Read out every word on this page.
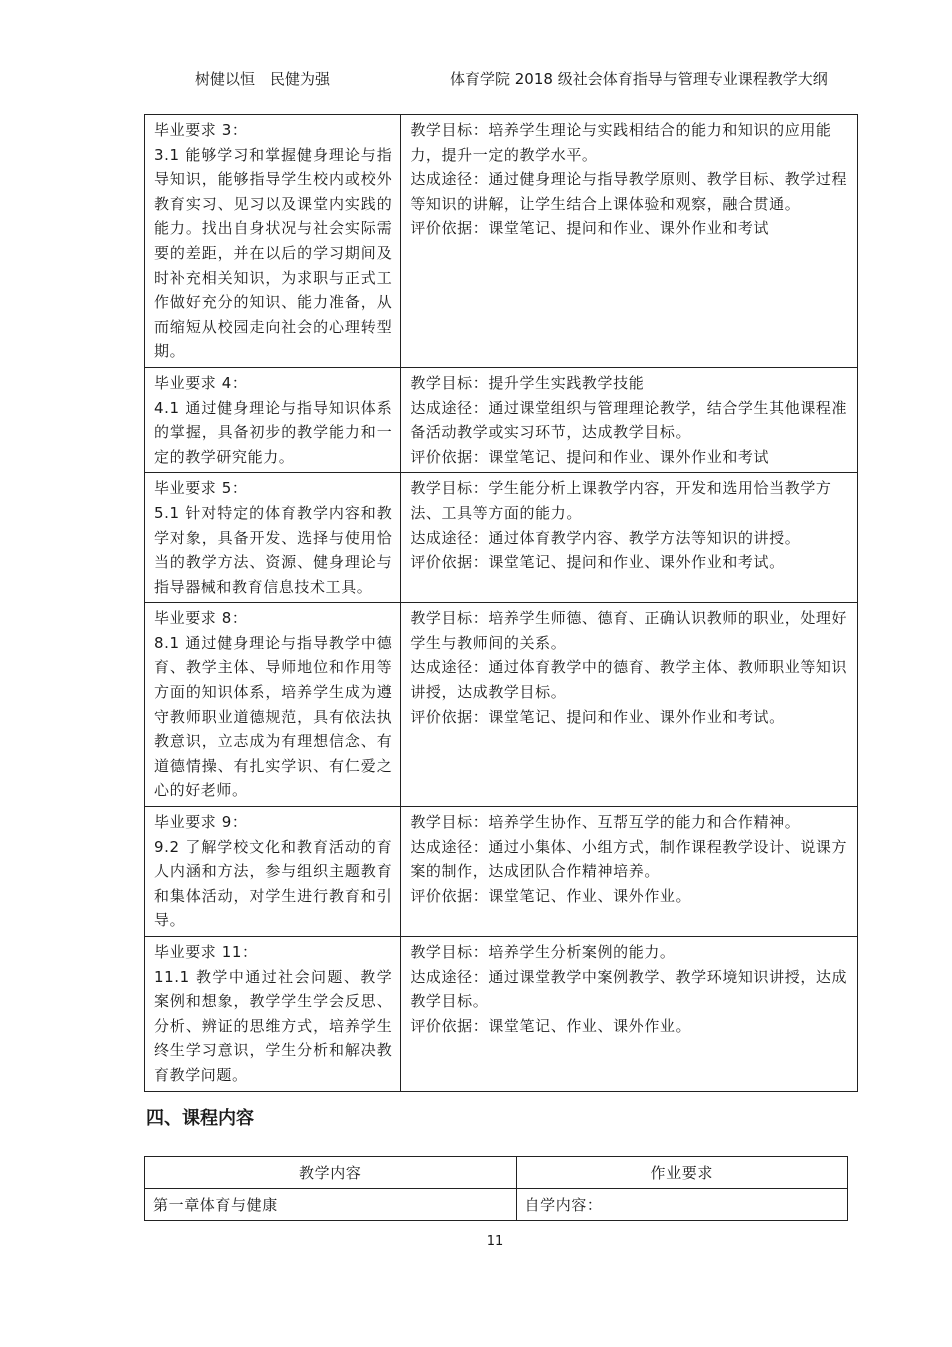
树健以恒　民健为强	体育学院 2018 级社会体育指导与管理专业课程教学大纲
毕业要求 3：
3.1 能够学习和掌握健身理论与指导知识，能够指导学生校内或校外教育实习、见习以及课堂内实践的能力。找出自身状况与社会实际需要的差距，并在以后的学习期间及时补充相关知识，为求职与正式工作做好充分的知识、能力准备，从而缩短从校园走向社会的心理转型期。	教学目标：培养学生理论与实践相结合的能力和知识的应用能力，提升一定的教学水平。
达成途径：通过健身理论与指导教学原则、教学目标、教学过程等知识的讲解，让学生结合上课体验和观察，融合贯通。
评价依据：课堂笔记、提问和作业、课外作业和考试

毕业要求 4：
4.1 通过健身理论与指导知识体系的掌握，具备初步的教学能力和一定的教学研究能力。	教学目标：提升学生实践教学技能
达成途径：通过课堂组织与管理理论教学，结合学生其他课程准备活动教学或实习环节，达成教学目标。
评价依据：课堂笔记、提问和作业、课外作业和考试

毕业要求 5：
5.1 针对特定的体育教学内容和教学对象，具备开发、选择与使用恰当的教学方法、资源、健身理论与指导器械和教育信息技术工具。	教学目标：学生能分析上课教学内容，开发和选用恰当教学方法、工具等方面的能力。
达成途径：通过体育教学内容、教学方法等知识的讲授。
评价依据：课堂笔记、提问和作业、课外作业和考试。

毕业要求 8：
8.1 通过健身理论与指导教学中德育、教学主体、导师地位和作用等方面的知识体系，培养学生成为遵守教师职业道德规范，具有依法执教意识，立志成为有理想信念、有道德情操、有扎实学识、有仁爱之心的好老师。	教学目标：培养学生师德、德育、正确认识教师的职业，处理好学生与教师间的关系。
达成途径：通过体育教学中的德育、教学主体、教师职业等知识讲授，达成教学目标。
评价依据：课堂笔记、提问和作业、课外作业和考试。

毕业要求 9：
9.2 了解学校文化和教育活动的育人内涵和方法，参与组织主题教育和集体活动，对学生进行教育和引导。	教学目标：培养学生协作、互帮互学的能力和合作精神。
达成途径：通过小集体、小组方式，制作课程教学设计、说课方案的制作，达成团队合作精神培养。
评价依据：课堂笔记、作业、课外作业。

毕业要求 11：
11.1 教学中通过社会问题、教学案例和想象，教学学生学会反思、分析、辨证的思维方式，培养学生终生学习意识，学生分析和解决教育教学问题。	教学目标：培养学生分析案例的能力。
达成途径：通过课堂教学中案例教学、教学环境知识讲授，达成教学目标。
评价依据：课堂笔记、作业、课外作业。
四、课程内容
教学内容	作业要求
第一章体育与健康	自学内容：
11
